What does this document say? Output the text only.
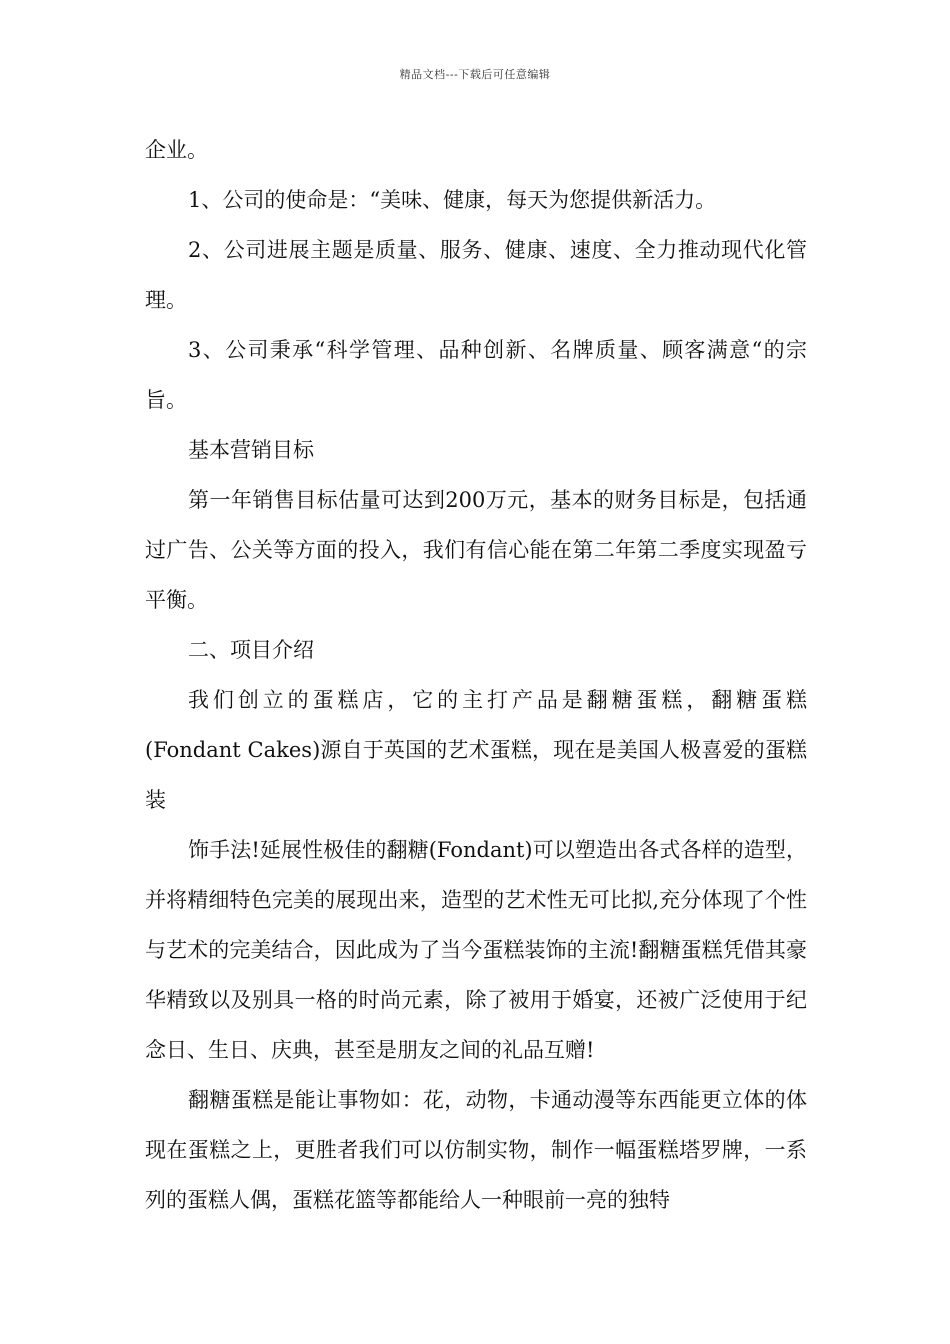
精品文档---下载后可任意编辑

企业。

1、公司的使命是：“美味、健康，每天为您提供新活力。

2、公司进展主题是质量、服务、健康、速度、全力推动现代化管理。

3、公司秉承“科学管理、品种创新、名牌质量、顾客满意“的宗旨。

基本营销目标

第一年销售目标估量可达到200万元，基本的财务目标是，包括通过广告、公关等方面的投入，我们有信心能在第二年第二季度实现盈亏平衡。

二、项目介绍

我们创立的蛋糕店，它的主打产品是翻糖蛋糕，翻糖蛋糕(Fondant Cakes)源自于英国的艺术蛋糕，现在是美国人极喜爱的蛋糕装

饰手法!延展性极佳的翻糖(Fondant)可以塑造出各式各样的造型，并将精细特色完美的展现出来，造型的艺术性无可比拟,充分体现了个性与艺术的完美结合，因此成为了当今蛋糕装饰的主流!翻糖蛋糕凭借其豪华精致以及别具一格的时尚元素，除了被用于婚宴，还被广泛使用于纪念日、生日、庆典，甚至是朋友之间的礼品互赠!

翻糖蛋糕是能让事物如：花，动物，卡通动漫等东西能更立体的体现在蛋糕之上，更胜者我们可以仿制实物，制作一幅蛋糕塔罗牌，一系列的蛋糕人偶，蛋糕花篮等都能给人一种眼前一亮的独特
